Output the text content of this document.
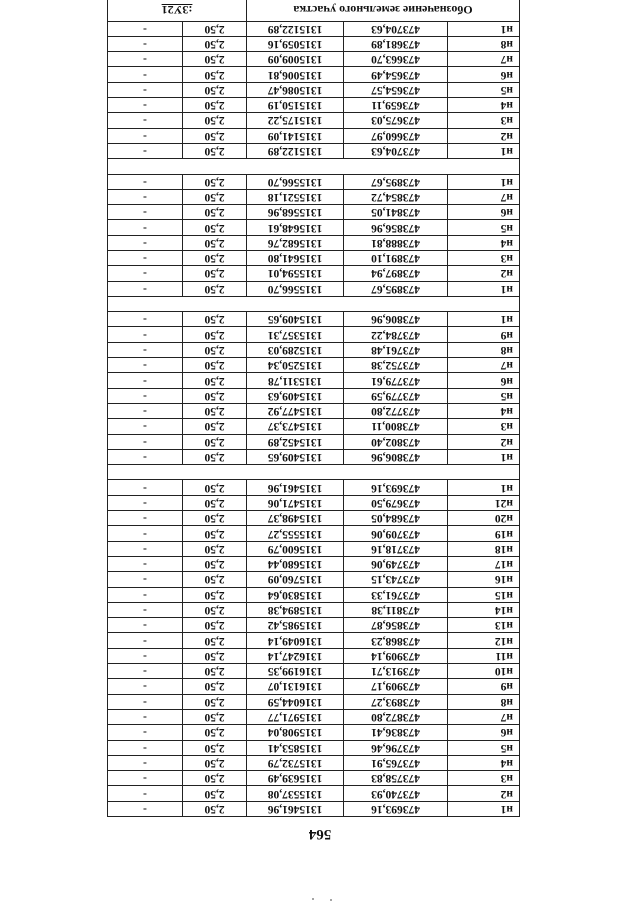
564
н1	473693,16	1315461,96	2,50	-
н2	473740,93	1315537,08	2,50	-
н3	473758,83	1315639,49	2,50	-
н4	473765,91	1315732,79	2,50	-
н5	473796,46	1315853,41	2,50	-
н6	473836,41	1315908,04	2,50	-
н7	473872,80	1315971,77	2,50	-
н8	473893,27	1316044,59	2,50	-
н9	473909,17	1316131,07	2,50	-
н10	473913,71	1316199,35	2,50	-
н11	473909,14	1316247,14	2,50	-
н12	473868,23	1316049,14	2,50	-
н13	473856,87	1315985,42	2,50	-
н14	473811,38	1315894,38	2,50	-
н15	473761,33	1315830,64	2,50	-
н16	473743,15	1315760,09	2,50	-
н17	473749,06	1315680,44	2,50	-
н18	473718,16	1315600,79	2,50	-
н19	473709,06	1315555,27	2,50	-
н20	473684,05	1315498,37	2,50	-
н21	473679,50	1315471,06	2,50	-
н1	473693,16	1315461,96	2,50	-

н1	473806,96	1315409,65	2,50	-
н2	473802,40	1315452,89	2,50	-
н3	473800,11	1315473,37	2,50	-
н4	473772,80	1315477,92	2,50	-
н5	473779,59	1315409,63	2,50	-
н6	473779,61	1315311,78	2,50	-
н7	473752,38	1315250,34	2,50	-
н8	473761,48	1315289,03	2,50	-
н9	473784,22	1315357,31	2,50	-
н1	473806,96	1315409,65	2,50	-

н1	473895,67	1315566,70	2,50	-
н2	473897,94	1315594,01	2,50	-
н3	473891,10	1315641,80	2,50	-
н4	473888,81	1315682,76	2,50	-
н5	473856,96	1315648,61	2,50	-
н6	473841,05	1315568,96	2,50	-
н7	473854,72	1315521,18	2,50	-
н1	473895,67	1315566,70	2,50	-

н1	473704,63	1315122,89	2,50	-
н2	473660,97	1315141,09	2,50	-
н3	473675,03	1315175,22	2,50	-
н4	473659,11	1315150,19	2,50	-
н5	473654,57	1315086,47	2,50	-
н6	473654,49	1315006,81	2,50	-
н7	473663,70	1315009,09	2,50	-
н8	473681,89	1315059,16	2,50	-
н1	473704,63	1315122,89	2,50	-
Обозначение земельного участка			:3У21	
